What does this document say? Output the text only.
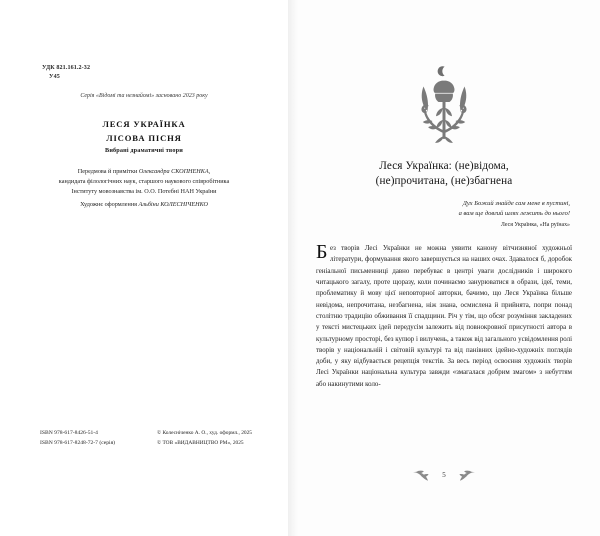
УДК 821.161.2-32
У45
Серія «Відомі та незнайомі» засновано 2023 року
ЛЕСЯ УКРАЇНКА
ЛІСОВА ПІСНЯ
Вибрані драматичні твори
Передмова й примітки Олександра СКОПНЕНКА,
кандидата філологічних наук, старшого наукового співробітника
Інституту мовознавства ім. О.О. Потебні НАН України
Художнє оформлення Альбіни КОЛЕСНІЧЕНКО
ISBN 978-617-8426-51-4
ISBN 978-617-8248-72-7 (серія)
© Колесніченко А. О., худ. оформл., 2025
© ТОВ «ВИДАВНИЦТВО РМ», 2025
Леся Українка: (не)відома,
(не)прочитана, (не)збагнена
Дух Божий знайде сам мене в пустині,
а вам ще довгий шлях лежить до нього!
Леся Українка, «На руїнах»
Без творів Лесі Українки не можна уявити канону вітчизняної художньої літератури, формування якого завершується на наших очах. Здавалося б, доробок геніальної письменниці давно перебуває в центрі уваги дослідників і широкого читацького загалу, проте щоразу, коли починаємо занурюватися в образи, ідеї, теми, проблематику й мову цієї неповторної авторки, бачимо, що Леся Українка більше невідома, непрочитана, незбагнена, ніж знана, осмислена й прийнята, попри понад столітню традицію обживання її спадщини. Річ у тім, що обсяг розуміння закладених у тексті мистецьких ідей передусім залежить від повнокровної присутності автора в культурному просторі, без купюр і вилучень, а також від загального усвідомлення ролі творів у національній і світовій культурі та від панівних ідейно-художніх поглядів доби, у яку відбувається рецепція текстів. За весь період освоєння художніх творів Лесі Українки національна культура завжди «змагалася добрим змагом» з небуттям або накинутими коло-
5
